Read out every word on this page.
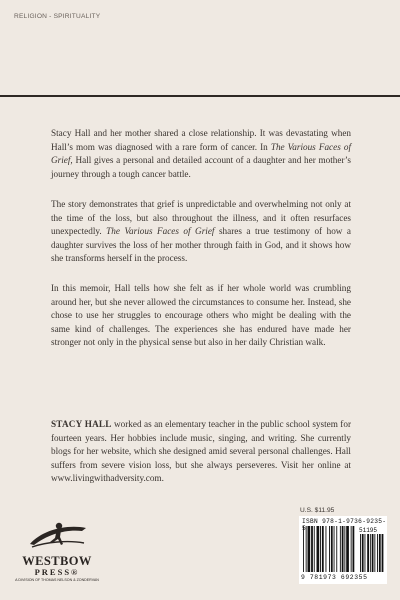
RELIGION - SPIRITUALITY

Stacy Hall and her mother shared a close relationship. It was devastating when Hall’s mom was diagnosed with a rare form of cancer. In The Various Faces of Grief, Hall gives a personal and detailed account of a daughter and her mother’s journey through a tough cancer battle.

The story demonstrates that grief is unpredictable and overwhelming not only at the time of the loss, but also throughout the illness, and it often resurfaces unexpectedly. The Various Faces of Grief shares a true testimony of how a daughter survives the loss of her mother through faith in God, and it shows how she transforms herself in the process.

In this memoir, Hall tells how she felt as if her whole world was crumbling around her, but she never allowed the circumstances to consume her. Instead, she chose to use her struggles to encourage others who might be dealing with the same kind of challenges. The experiences she has endured have made her stronger not only in the physical sense but also in her daily Christian walk.

STACY HALL worked as an elementary teacher in the public school system for fourteen years. Her hobbies include music, singing, and writing. She currently blogs for her website, which she designed amid several personal challenges. Hall suffers from severe vision loss, but she always perseveres. Visit her online at www.livingwithadversity.com.

WESTBOW
PRESS®
A DIVISION OF THOMAS NELSON & ZONDERVAN
U.S. $11.95
ISBN 978-1-9736-9235-5	51195
9 781973 692355
